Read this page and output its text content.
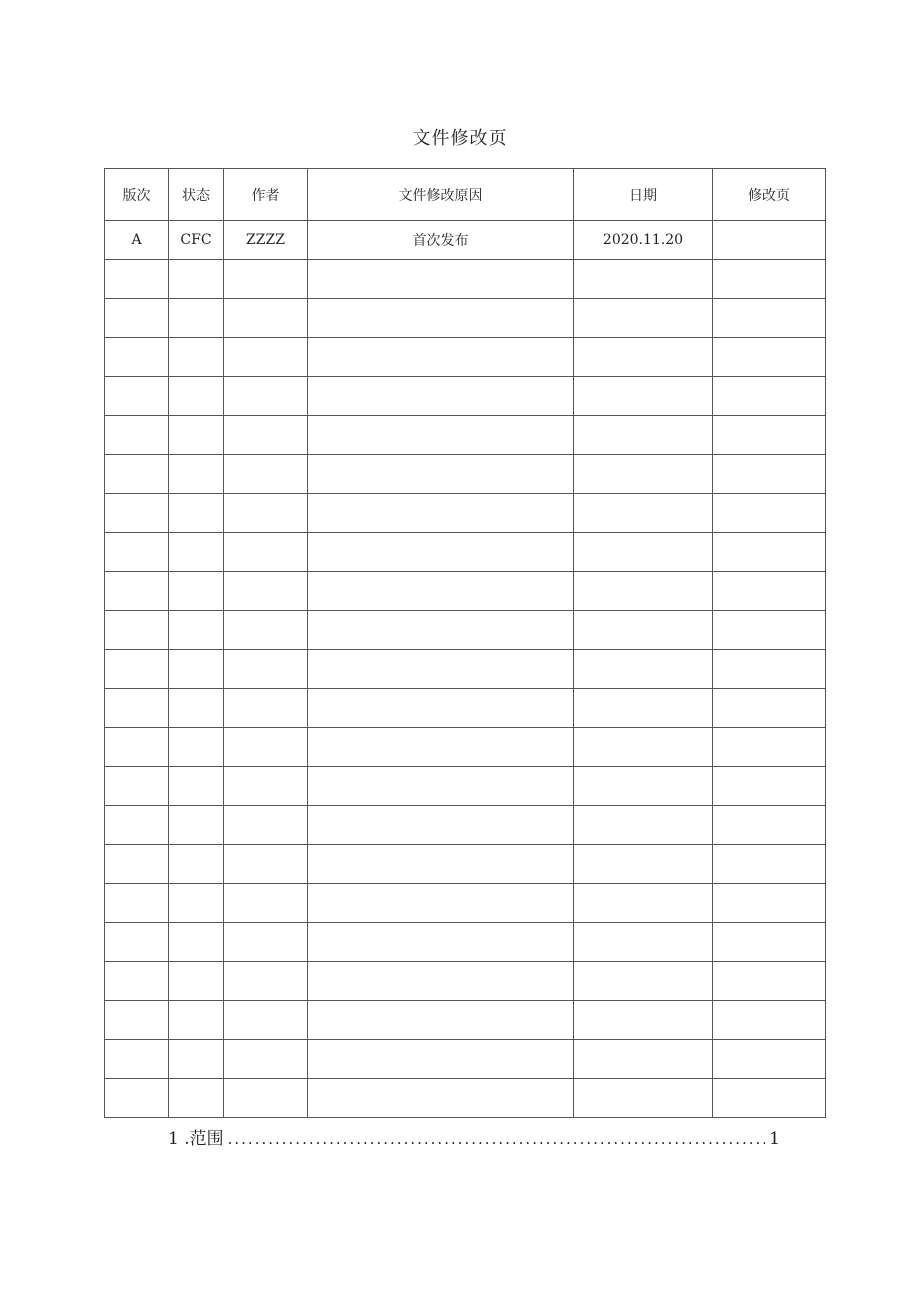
文件修改页
版次	状态	作者	文件修改原因	日期	修改页
A	CFC	ZZZZ	首次发布	2020.11.20	

1 .范围 .....	1
